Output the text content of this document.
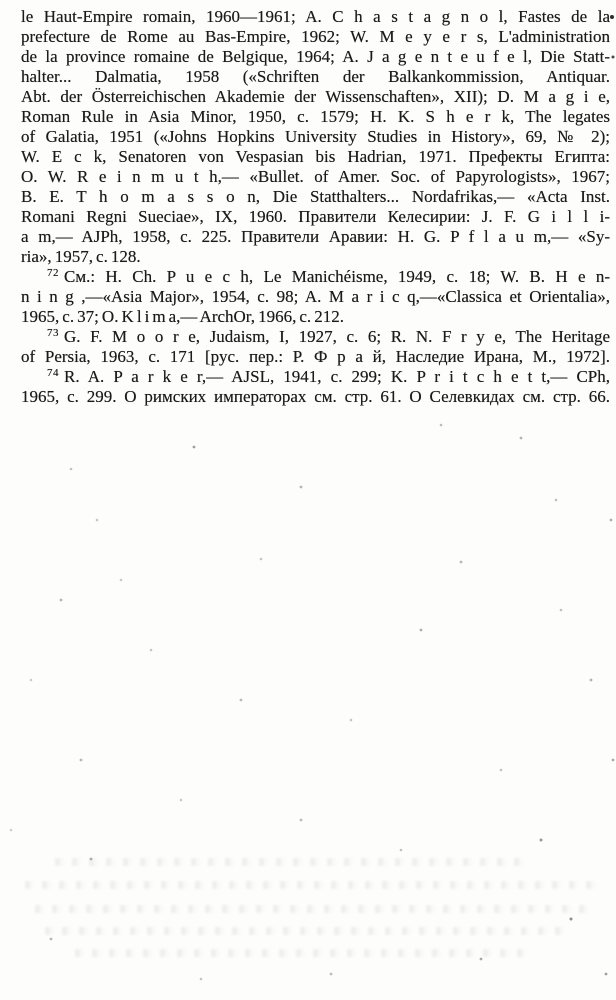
le Haut-Empire romain, 1960—1961; A. C h a s t a g n o l, Fastes de la
prefecture de Rome au Bas-Empire, 1962; W. M e y e r s, L'administration
de la province romaine de Belgique, 1964; A. J a g e n t e u f e l, Die Statt-
halter... Dalmatia, 1958 («Schriften der Balkankommission, Antiquar.
Abt. der Österreichischen Akademie der Wissenschaften», XII); D. M a g i e,
Roman Rule in Asia Minor, 1950, c. 1579; H. K. S h e r k, The legates
of Galatia, 1951 («Johns Hopkins University Studies in History», 69, № 2);
W. E c k, Senatoren von Vespasian bis Hadrian, 1971. Префекты Египта:
O. W. R e i n m u t h,— «Bullet. of Amer. Soc. of Papyrologists», 1967;
B. E. T h o m a s s o n, Die Statthalters... Nordafrikas,— «Acta Inst.
Romani Regni Sueciae», IX, 1960. Правители Келесирии: J. F. G i l l i-
a m,— AJPh, 1958, c. 225. Правители Аравии: H. G. P f l a u m,— «Sy-
ria», 1957, c. 128.
$^{72}$ См.: H. Ch. P u e c h, Le Manichéisme, 1949, c. 18; W. B. H e n-
n i n g ,—«Asia Major», 1954, c. 98; A. M a r i c q,—«Classica et Orientalia»,
1965, c. 37; O. K l i m a,— ArchOr, 1966, c. 212.
$^{73}$ G. F. M o o r e, Judaism, I, 1927, c. 6; R. N. F r y e, The Heritage
of Persia, 1963, c. 171 [рус. пер.: Р. Ф р а й, Наследие Ирана, М., 1972].
$^{74}$ R. A. P a r k e r,— AJSL, 1941, c. 299; K. P r i t c h e t t,— CPh,
1965, c. 299. О римских императорах см. стр. 61. О Селевкидах см. стр. 66.
